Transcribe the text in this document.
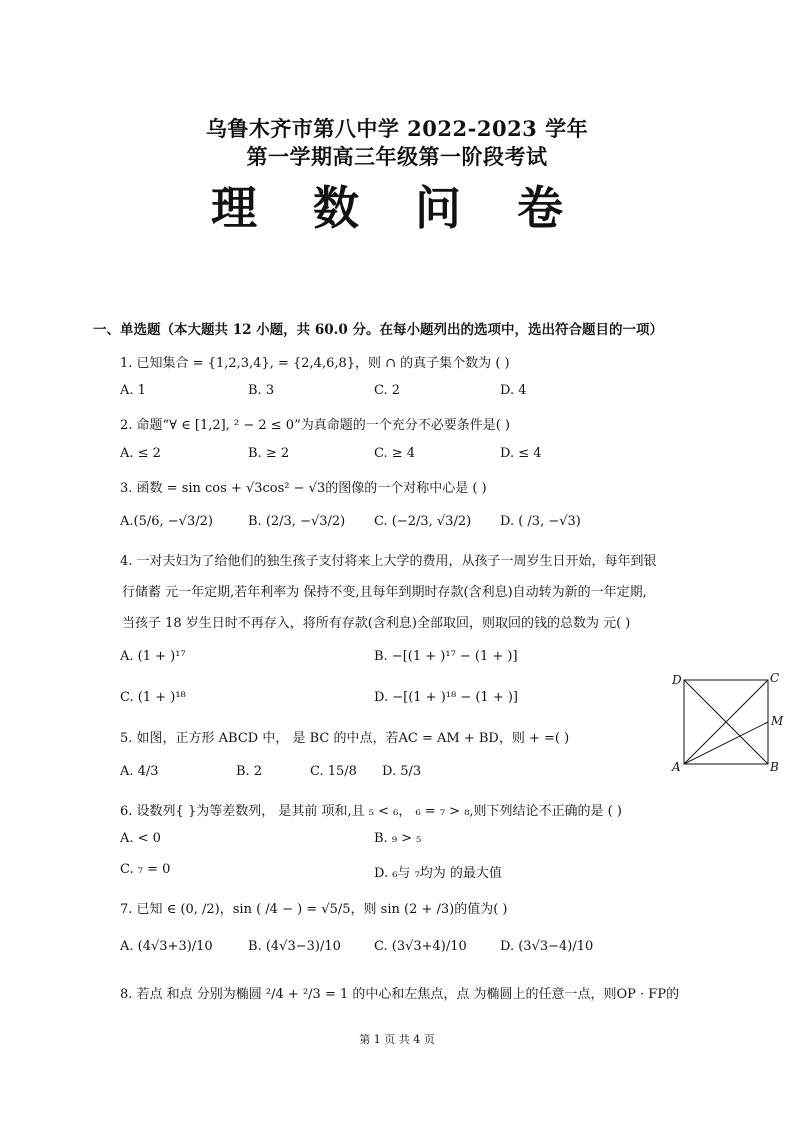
乌鲁木齐市第八中学 2022-2023 学年
第一学期高三年级第一阶段考试
理 数 问 卷
一、单选题（本大题共 12 小题，共 60.0 分。在每小题列出的选项中，选出符合题目的一项）
1. 已知集合 = {1,2,3,4}, = {2,4,6,8}，则 ∩ 的真子集个数为 ( )
A. 1	B. 3	C. 2	D. 4
2. 命题“∀ ∈ [1,2], ² − 2 ≤ 0”为真命题的一个充分不必要条件是( )
A. ≤ 2	B. ≥ 2	C. ≥ 4	D. ≤ 4
3. 函数 = sin cos + √3cos² − √3的图像的一个对称中心是 ( )
A.(5/6, −√3/2)	B. (2/3, −√3/2) C. (−2/3, √3/2) D. ( /3, −√3)
4. 一对夫妇为了给他们的独生孩子支付将来上大学的费用，从孩子一周岁生日开始，每年到银
行储蓄 元一年定期,若年利率为 保持不变,且每年到期时存款(含利息)自动转为新的一年定期,
当孩子 18 岁生日时不再存入，将所有存款(含利息)全部取回，则取回的钱的总数为 元( )
A. (1 + )¹⁷	B. −[(1 + )¹⁷ − (1 + )]
C. (1 + )¹⁸	D. −[(1 + )¹⁸ − (1 + )]
5. 如图，正方形 ABCD 中， 是 BC 的中点，若AC = AM + BD，则 + =( )
A. 4/3	B. 2	C. 15/8 D. 5/3
6. 设数列{ }为等差数列， 是其前 项和,且 ₅ < ₆， ₆ = ₇ > ₈,则下列结论不正确的是 ( )
A. < 0	B. ₉ > ₅
C. ₇ = 0	D. ₆与 ₇均为 的最大值
7. 已知 ∈ (0, /2)，sin ( /4 − ) = √5/5，则 sin (2 + /3)的值为( )
A. (4√3+3)/10	B. (4√3−3)/10	C. (3√3+4)/10	D. (3√3−4)/10
8. 若点 和点 分别为椭圆 ²/4 + ²/3 = 1 的中心和左焦点，点 为椭圆上的任意一点，则OP · FP的
D	C
M
A	B
第 1 页 共 4 页
